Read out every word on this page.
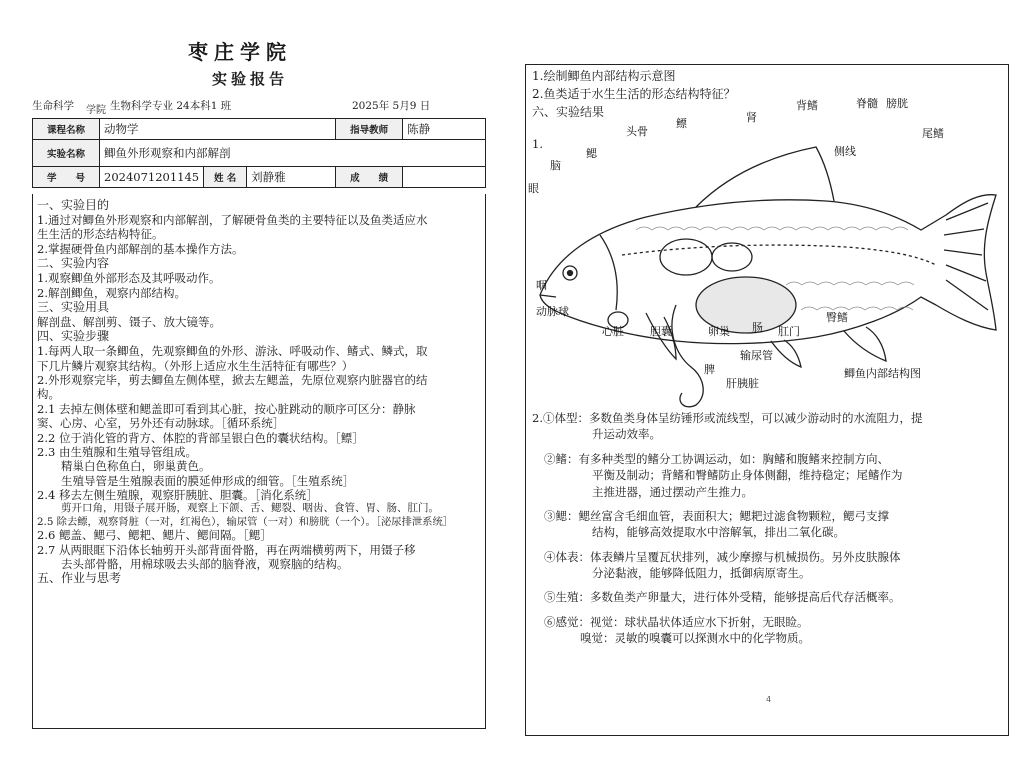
枣庄学院
实验报告
生命科学 学院 生物科学专业 24本科1 班	2025年 5月9 日
课程名称	动物学			指导教师	陈静
实验名称	鲫鱼外形观察和内部解剖				
学　　号	2024071201145	姓 名	刘静雅	成　　绩	
一、实验目的
1.通过对鲫鱼外形观察和内部解剖，了解硬骨鱼类的主要特征以及鱼类适应水
生生活的形态结构特征。
2.掌握硬骨鱼内部解剖的基本操作方法。
二、实验内容
1.观察鲫鱼外部形态及其呼吸动作。
2.解剖鲫鱼，观察内部结构。
三、实验用具
解剖盘、解剖剪、镊子、放大镜等。
四、实验步骤
1.每两人取一条鲫鱼，先观察鲫鱼的外形、游泳、呼吸动作、鳍式、鳞式，取
下几片鳞片观察其结构。（外形上适应水生生活特征有哪些？）
2.外形观察完毕，剪去鲫鱼左侧体壁，掀去左鳃盖，先原位观察内脏器官的结
构。
2.1 去掉左侧体壁和鳃盖即可看到其心脏，按心脏跳动的顺序可区分：静脉
窦、心房、心室，另外还有动脉球。［循环系统］
2.2 位于消化管的背方、体腔的背部呈银白色的囊状结构。［鳔］
2.3 由生殖腺和生殖导管组成。
精巢白色称鱼白，卵巢黄色。
生殖导管是生殖腺表面的膜延伸形成的细管。［生殖系统］
2.4 移去左侧生殖腺，观察肝胰脏、胆囊。［消化系统］
剪开口角，用镊子展开肠，观察上下颌、舌、鳃裂、咽齿、食管、胃、肠、肛门。
2.5 除去鳔，观察肾脏（一对，红褐色），输尿管（一对）和膀胱（一个）。［泌尿排泄系统］
2.6 鳃盖、鳃弓、鳃耙、鳃片、鳃间隔。［鳃］
2.7 从两眼眶下沿体长轴剪开头部背面骨骼，再在两端横剪两下，用镊子移
去头部骨骼，用棉球吸去头部的脑脊液，观察脑的结构。
五、作业与思考
1.绘制鲫鱼内部结构示意图
2.鱼类适于水生生活的形态结构特征？
六、实验结果
1.
鳃
头骨
鳔	肾
背鳍	脊髓 膀胱
尾鳍
侧线
脑
眼
咽
动脉球
心脏 胆囊	卵巢 肠 肛门
臀鳍
输尿管
脾
肝胰脏
鲫鱼内部结构图
2.①体型：多数鱼类身体呈纺锤形或流线型，可以减少游动时的水流阻力，提
升运动效率。
②鳍：有多种类型的鳍分工协调运动，如：胸鳍和腹鳍来控制方向、
平衡及制动；背鳍和臀鳍防止身体侧翻，维持稳定；尾鳍作为
主推进器，通过摆动产生推力。
③鳃：鳃丝富含毛细血管，表面积大；鳃耙过滤食物颗粒，鳃弓支撑
结构，能够高效提取水中溶解氧，排出二氧化碳。
④体表：体表鳞片呈覆瓦状排列，减少摩擦与机械损伤。另外皮肤腺体
分泌黏液，能够降低阻力，抵御病原寄生。
⑤生殖：多数鱼类产卵量大，进行体外受精，能够提高后代存活概率。
⑥感觉：视觉：球状晶状体适应水下折射，无眼睑。
嗅觉：灵敏的嗅囊可以探测水中的化学物质。
4
